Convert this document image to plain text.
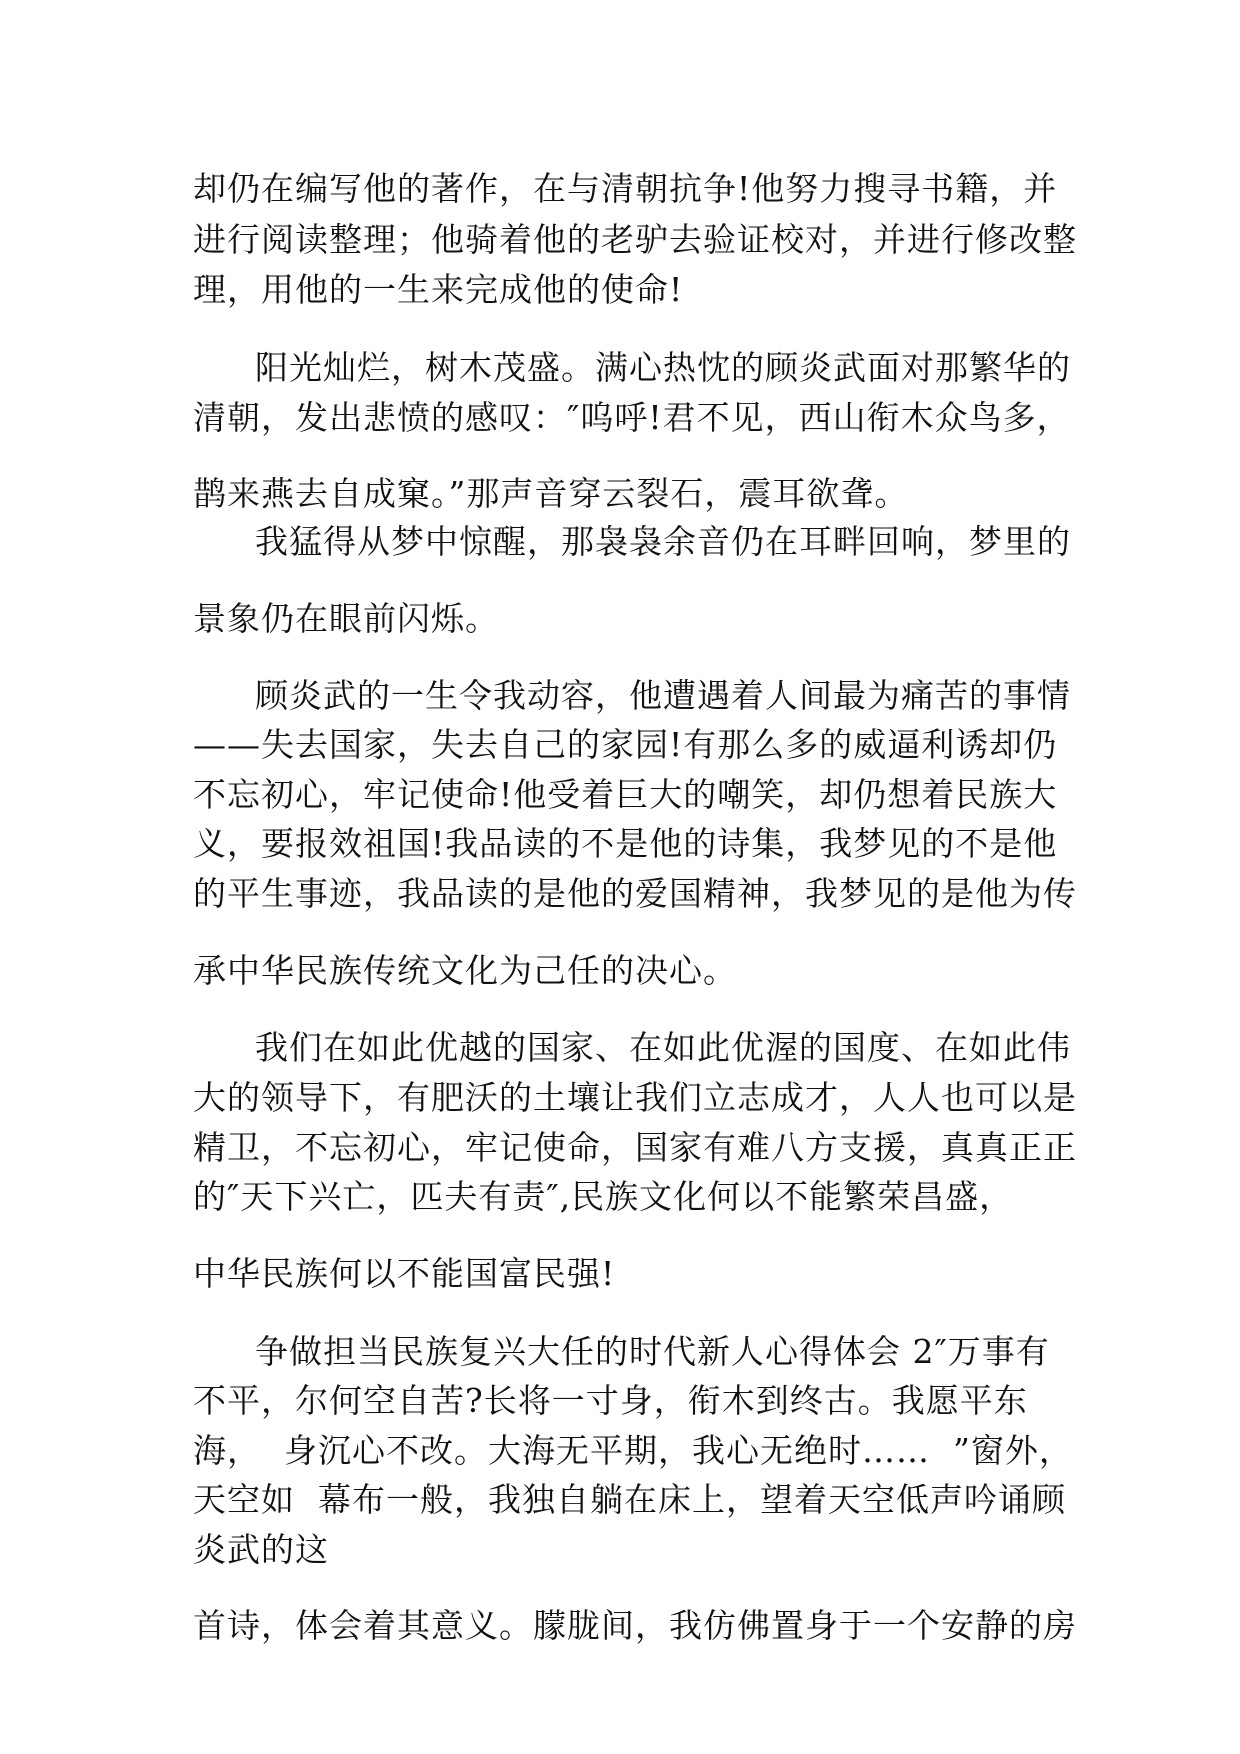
却仍在编写他的著作，在与清朝抗争!他努力搜寻书籍，并
进行阅读整理；他骑着他的老驴去验证校对，并进行修改整
理，用他的一生来完成他的使命!
阳光灿烂，树木茂盛。满心热忱的顾炎武面对那繁华的
清朝，发出悲愤的感叹：″呜呼!君不见，西山衔木众鸟多，
鹊来燕去自成窠。”那声音穿云裂石，震耳欲聋。
我猛得从梦中惊醒，那袅袅余音仍在耳畔回响，梦里的
景象仍在眼前闪烁。
顾炎武的一生令我动容，他遭遇着人间最为痛苦的事情
——失去国家，失去自己的家园!有那么多的威逼利诱却仍
不忘初心，牢记使命!他受着巨大的嘲笑，却仍想着民族大
义，要报效祖国!我品读的不是他的诗集，我梦见的不是他
的平生事迹，我品读的是他的爱国精神，我梦见的是他为传
承中华民族传统文化为己任的决心。
我们在如此优越的国家、在如此优渥的国度、在如此伟
大的领导下，有肥沃的土壤让我们立志成才，人人也可以是
精卫，不忘初心，牢记使命，国家有难八方支援，真真正正
的″天下兴亡，匹夫有责″,民族文化何以不能繁荣昌盛，
中华民族何以不能国富民强!
争做担当民族复兴大任的时代新人心得体会 2″万事有
不平，尔何空自苦?长将一寸身，衔木到终古。我愿平东
海，  身沉心不改。大海无平期，我心无绝时……  ”窗外，
天空如  幕布一般，我独自躺在床上，望着天空低声吟诵顾
炎武的这
首诗，体会着其意义。朦胧间，我仿佛置身于一个安静的房
